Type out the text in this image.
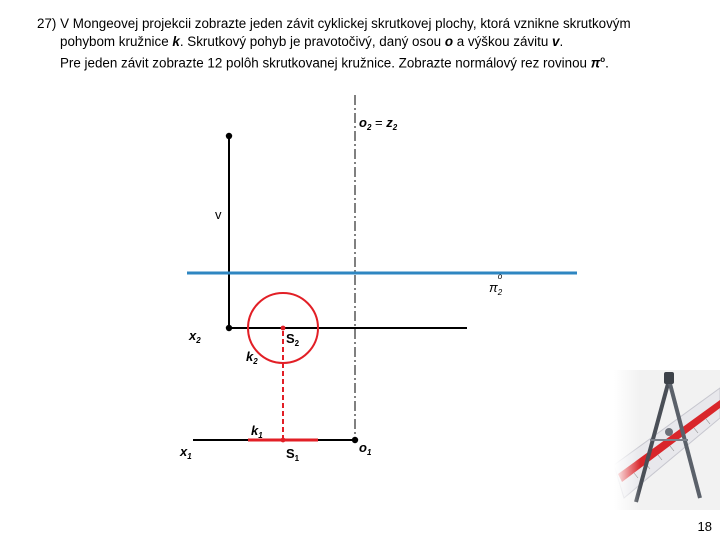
27) V Mongeovej projekcii zobrazte jeden závit cyklickej skrutkovej plochy, ktorá vznikne skrutkovým
pohybom kružnice k. Skrutkový pohyb je pravotočivý, daný osou o a výškou závitu v.
Pre jeden závit zobrazte 12 polôh skrutkovanej kružnice. Zobrazte normálový rez rovinou $\pi^o$.
$o_2 = z_2$
v
π
o
$_2$
$x_2$	$S_2$
$k_2$
$k_1$
$x_1$	$S_1$
$o_1$
18
